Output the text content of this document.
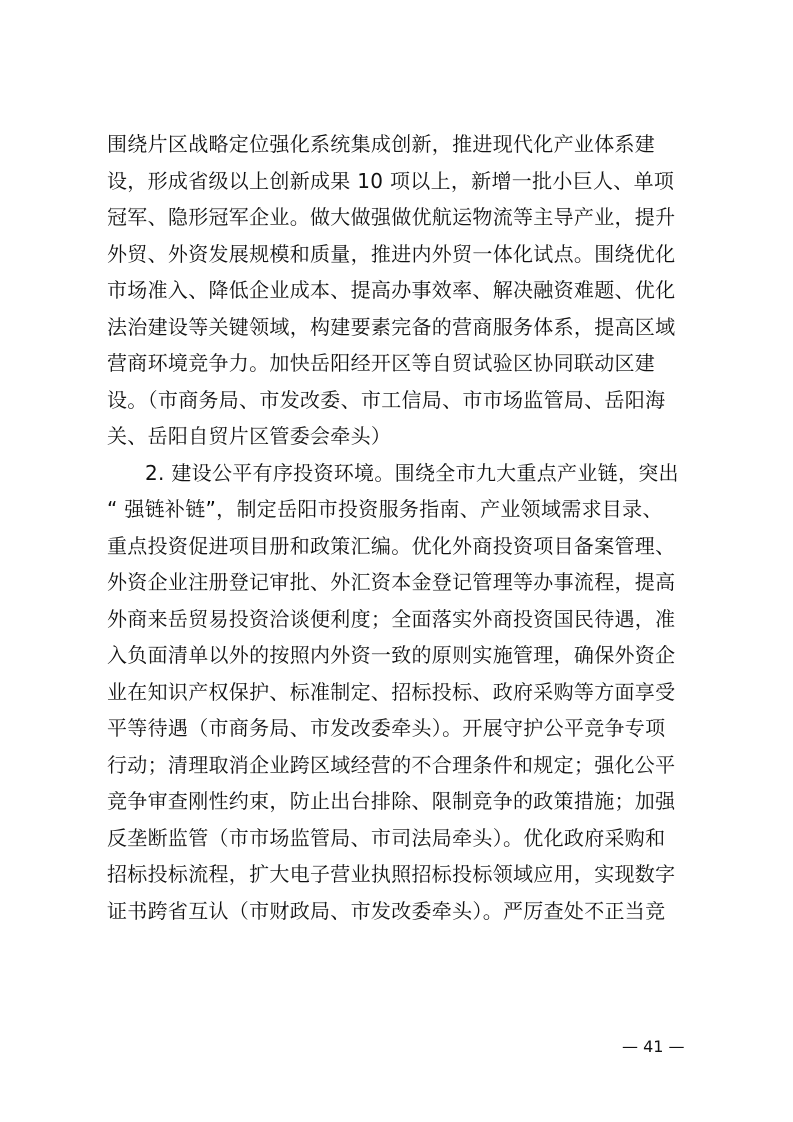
围绕片区战略定位强化系统集成创新，推进现代化产业体系建
设，形成省级以上创新成果 10 项以上，新增一批小巨人、单项
冠军、隐形冠军企业。做大做强做优航运物流等主导产业，提升
外贸、外资发展规模和质量，推进内外贸一体化试点。围绕优化
市场准入、降低企业成本、提高办事效率、解决融资难题、优化
法治建设等关键领域，构建要素完备的营商服务体系，提高区域
营商环境竞争力。加快岳阳经开区等自贸试验区协同联动区建
设。（市商务局、市发改委、市工信局、市市场监管局、岳阳海
关、岳阳自贸片区管委会牵头）
2. 建设公平有序投资环境。围绕全市九大重点产业链，突出
“ 强链补链”，制定岳阳市投资服务指南、产业领域需求目录、
重点投资促进项目册和政策汇编。优化外商投资项目备案管理、
外资企业注册登记审批、外汇资本金登记管理等办事流程，提高
外商来岳贸易投资洽谈便利度；全面落实外商投资国民待遇，准
入负面清单以外的按照内外资一致的原则实施管理，确保外资企
业在知识产权保护、标准制定、招标投标、政府采购等方面享受
平等待遇（市商务局、市发改委牵头）。开展守护公平竞争专项
行动；清理取消企业跨区域经营的不合理条件和规定；强化公平
竞争审查刚性约束，防止出台排除、限制竞争的政策措施；加强
反垄断监管（市市场监管局、市司法局牵头）。优化政府采购和
招标投标流程，扩大电子营业执照招标投标领域应用，实现数字
证书跨省互认（市财政局、市发改委牵头）。严厉查处不正当竞
— 41 —
